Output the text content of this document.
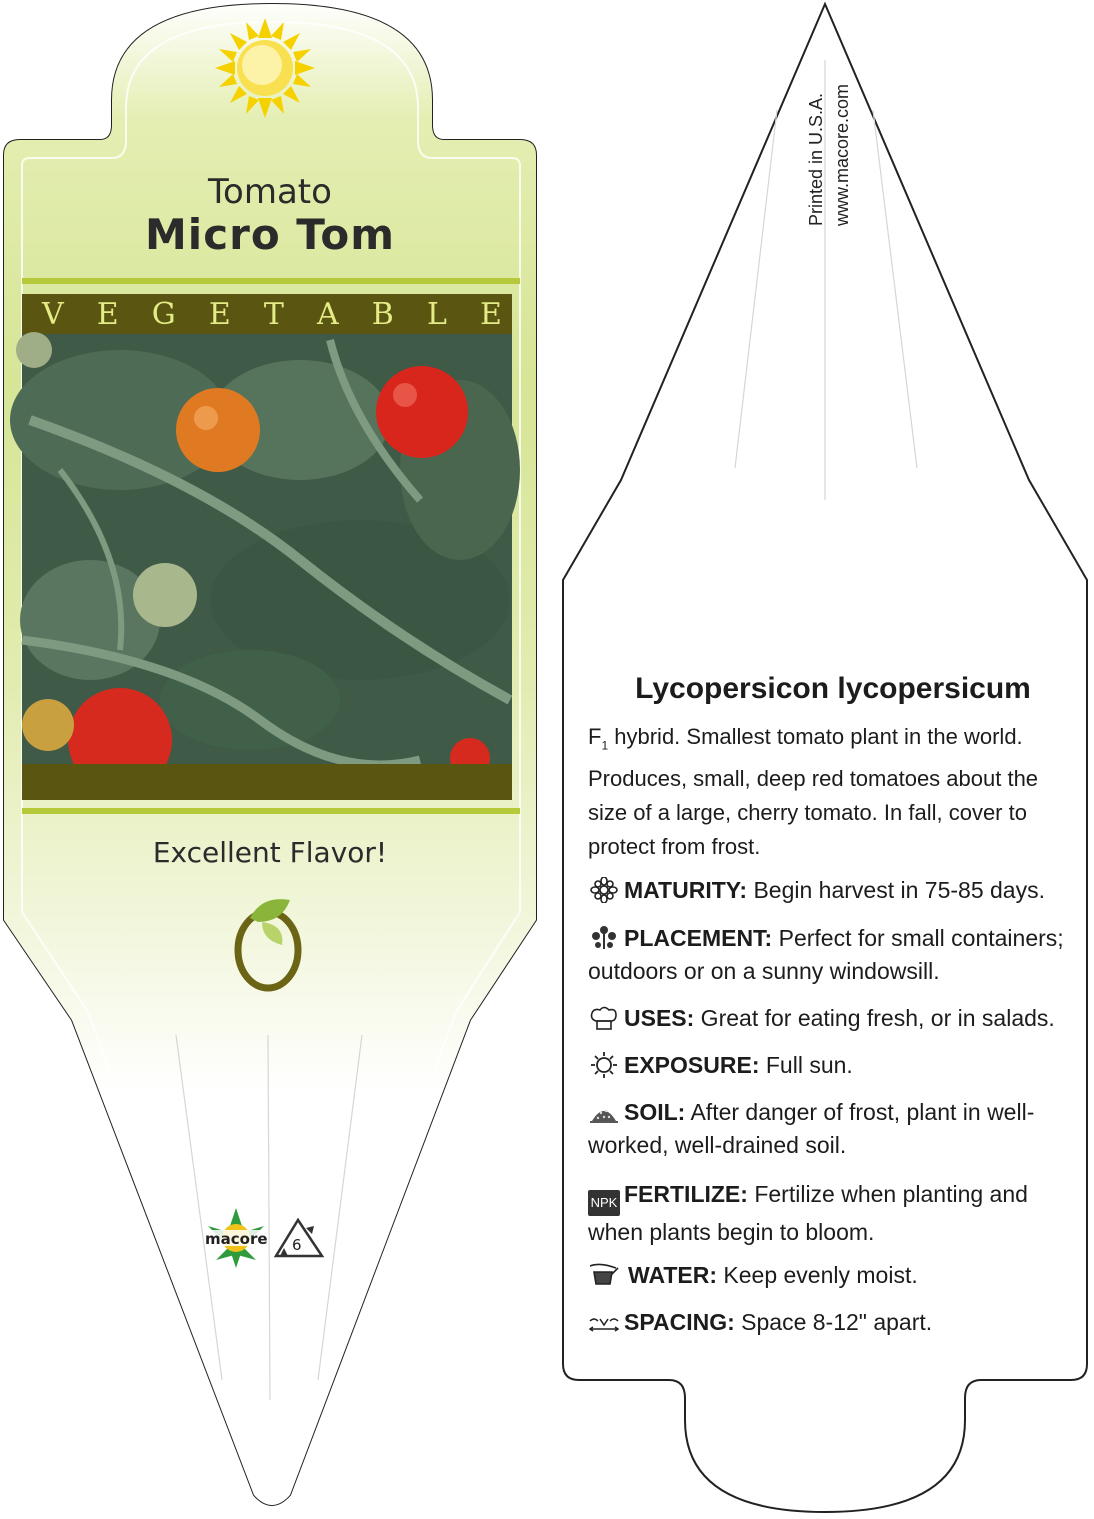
Tomato
Micro Tom
V E G E T A B L E
Excellent Flavor!
macore 6
Printed in U.S.A. www.macore.com
Lycopersicon lycopersicum
$F_1$ hybrid. Smallest tomato plant in the world. Produces, small, deep red tomatoes about the size of a large, cherry tomato. In fall, cover to protect from frost.
MATURITY: Begin harvest in 75-85 days.
PLACEMENT: Perfect for small containers; outdoors or on a sunny windowsill.
USES: Great for eating fresh, or in salads.
EXPOSURE: Full sun.
SOIL: After danger of frost, plant in well-worked, well-drained soil.
NPK FERTILIZE: Fertilize when planting and when plants begin to bloom.
WATER: Keep evenly moist.
SPACING: Space 8-12" apart.
